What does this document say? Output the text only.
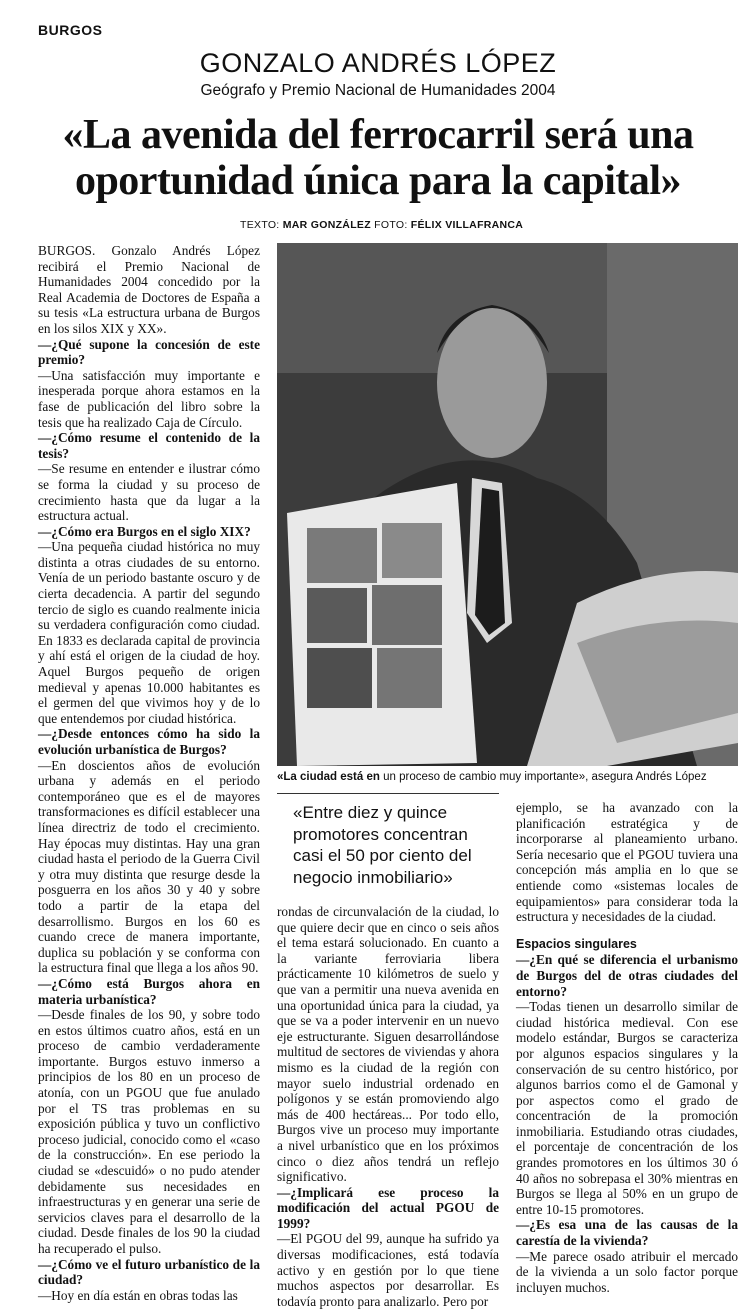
BURGOS
GONZALO ANDRÉS LÓPEZ
Geógrafo y Premio Nacional de Humanidades 2004
«La avenida del ferrocarril será una
oportunidad única para la capital»
TEXTO: MAR GONZÁLEZ FOTO: FÉLIX VILLAFRANCA

BURGOS. Gonzalo Andrés López recibirá el Premio Nacional de Humanidades 2004 concedido por la Real Academia de Doctores de España a su tesis «La estructura urbana de Burgos en los silos XIX y XX».

—¿Qué supone la concesión de este premio?

—Una satisfacción muy importante e inesperada porque ahora estamos en la fase de publicación del libro sobre la tesis que ha realizado Caja de Círculo.

—¿Cómo resume el contenido de la tesis?

—Se resume en entender e ilustrar cómo se forma la ciudad y su proceso de crecimiento hasta que da lugar a la estructura actual.

—¿Cómo era Burgos en el siglo XIX?

—Una pequeña ciudad histórica no muy distinta a otras ciudades de su entorno. Venía de un periodo bastante oscuro y de cierta decadencia. A partir del segundo tercio de siglo es cuando realmente inicia su verdadera configuración como ciudad. En 1833 es declarada capital de provincia y ahí está el origen de la ciudad de hoy. Aquel Burgos pequeño de origen medieval y apenas 10.000 habitantes es el germen del que vivimos hoy y de lo que entendemos por ciudad histórica.

—¿Desde entonces cómo ha sido la evolución urbanística de Burgos?

—En doscientos años de evolución urbana y además en el periodo contemporáneo que es el de mayores transformaciones es difícil establecer una línea directriz de todo el crecimiento. Hay épocas muy distintas. Hay una gran ciudad hasta el periodo de la Guerra Civil y otra muy distinta que resurge desde la posguerra en los años 30 y 40 y sobre todo a partir de la etapa del desarrollismo. Burgos en los 60 es cuando crece de manera importante, duplica su población y se conforma con la estructura final que llega a los años 90.

—¿Cómo está Burgos ahora en materia urbanística?

—Desde finales de los 90, y sobre todo en estos últimos cuatro años, está en un proceso de cambio verdaderamente importante. Burgos estuvo inmerso a principios de los 80 en un proceso de atonía, con un PGOU que fue anulado por el TS tras problemas en su exposición pública y tuvo un conflictivo proceso judicial, conocido como el «caso de la construcción». En ese periodo la ciudad se «descuidó» o no pudo atender debidamente sus necesidades en infraestructuras y en generar una serie de servicios claves para el desarrollo de la ciudad. Desde finales de los 90 la ciudad ha recuperado el pulso.

—¿Cómo ve el futuro urbanístico de la ciudad?

—Hoy en día están en obras todas las

«La ciudad está en un proceso de cambio muy importante», asegura Andrés López
«Entre diez y quince promotores concentran casi el 50 por ciento del negocio inmobiliario»

rondas de circunvalación de la ciudad, lo que quiere decir que en cinco o seis años el tema estará solucionado. En cuanto a la variante ferroviaria libera prácticamente 10 kilómetros de suelo y que van a permitir una nueva avenida en una oportunidad única para la ciudad, ya que se va a poder intervenir en un nuevo eje estructurante. Siguen desarrollándose multitud de sectores de viviendas y ahora mismo es la ciudad de la región con mayor suelo industrial ordenado en polígonos y se están promoviendo algo más de 400 hectáreas... Por todo ello, Burgos vive un proceso muy importante a nivel urbanístico que en los próximos cinco o diez años tendrá un reflejo significativo.

—¿Implicará ese proceso la modificación del actual PGOU de 1999?

—El PGOU del 99, aunque ha sufrido ya diversas modificaciones, está todavía activo y en gestión por lo que tiene muchos aspectos por desarrollar. Es todavía pronto para analizarlo. Pero por

ejemplo, se ha avanzado con la planificación estratégica y de incorporarse al planeamiento urbano. Sería necesario que el PGOU tuviera una concepción más amplia en lo que se entiende como «sistemas locales de equipamientos» para considerar toda la estructura y necesidades de la ciudad.

Espacios singulares

—¿En qué se diferencia el urbanismo de Burgos del de otras ciudades del entorno?

—Todas tienen un desarrollo similar de ciudad histórica medieval. Con ese modelo estándar, Burgos se caracteriza por algunos espacios singulares y la conservación de su centro histórico, por algunos barrios como el de Gamonal y por aspectos como el grado de concentración de la promoción inmobiliaria. Estudiando otras ciudades, el porcentaje de concentración de los grandes promotores en los últimos 30 ó 40 años no sobrepasa el 30% mientras en Burgos se llega al 50% en un grupo de entre 10-15 promotores.

—¿Es esa una de las causas de la carestía de la vivienda?

—Me parece osado atribuir el mercado de la vivienda a un solo factor porque incluyen muchos.
